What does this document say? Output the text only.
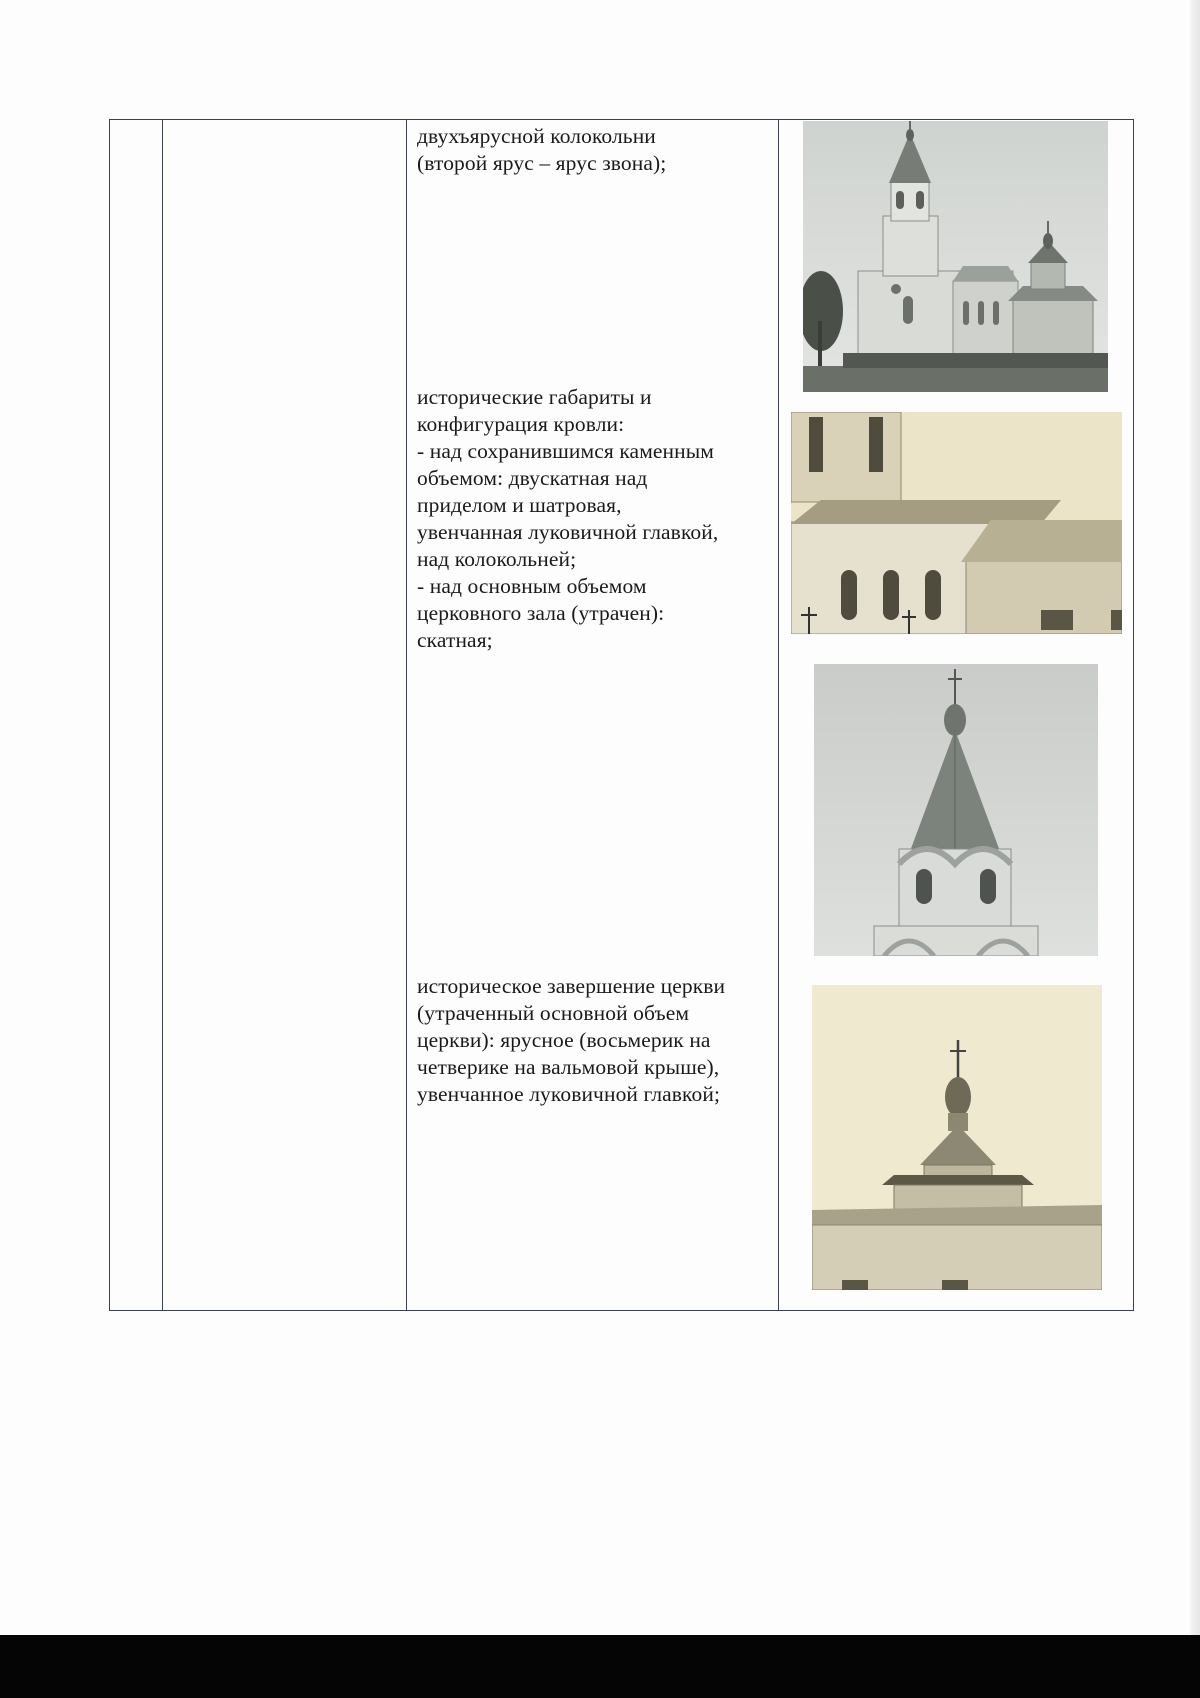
двухъярусной колокольни

(второй ярус – ярус звона);

исторические габариты и

конфигурация кровли:

- над сохранившимся каменным

объемом: двускатная над

приделом и шатровая,

увенчанная луковичной главкой,

над колокольней;

- над основным объемом

церковного зала (утрачен):

скатная;

историческое завершение церкви

(утраченный основной объем

церкви): ярусное (восьмерик на

четверике на вальмовой крыше),

увенчанное луковичной главкой;
